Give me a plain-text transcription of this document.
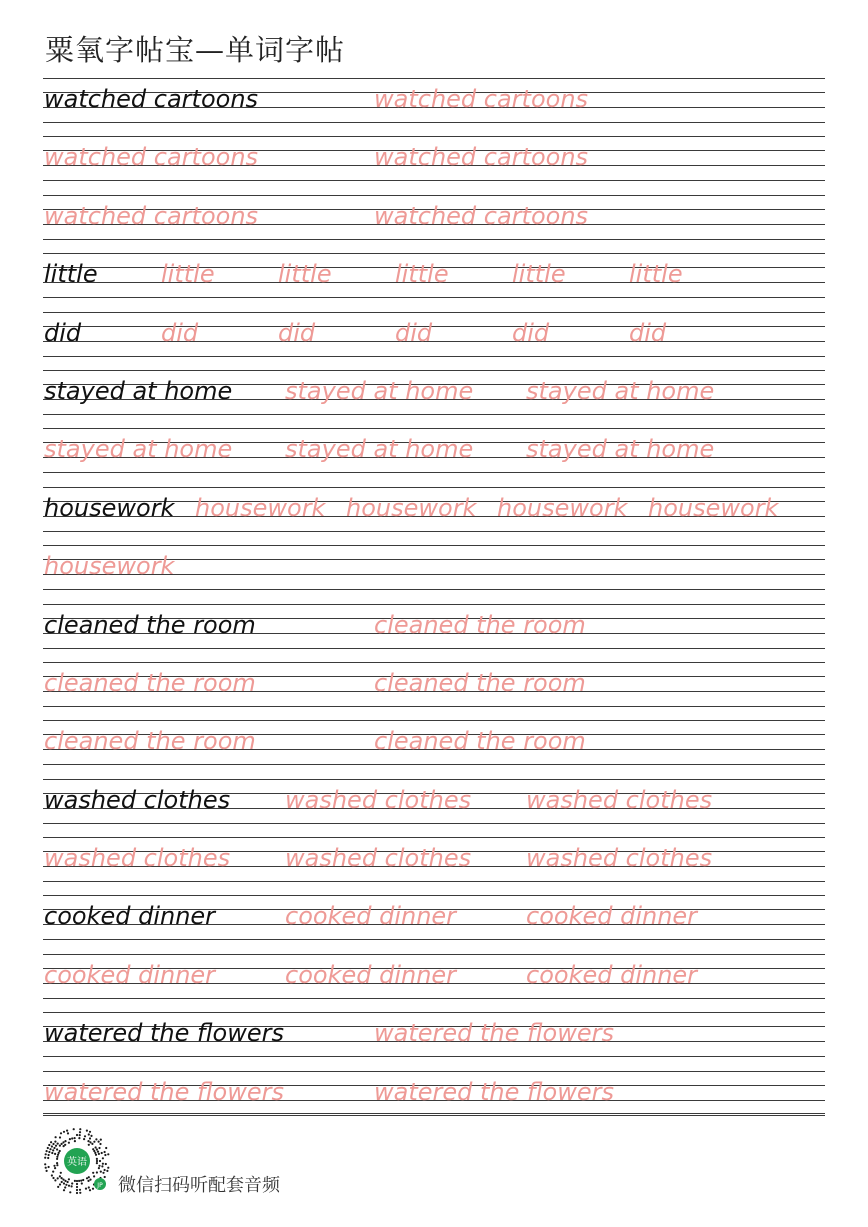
粟氧字帖宝—单词字帖
watched cartoons	watched cartoons
watched cartoons	watched cartoons
watched cartoons	watched cartoons
little	little	little	little	little	little
did	did	did	did	did	did
stayed at home stayed at home stayed at home
stayed at home stayed at home stayed at home
housework housework housework housework housework
housework
cleaned the room	cleaned the room
cleaned the room	cleaned the room
cleaned the room	cleaned the room
washed clothes washed clothes washed clothes
washed clothes washed clothes washed clothes
cooked dinner	cooked dinner	cooked dinner
cooked dinner	cooked dinner	cooked dinner
watered the flowers	watered the flowers
watered the flowers	watered the flowers
英语
JP 微信扫码听配套音频
